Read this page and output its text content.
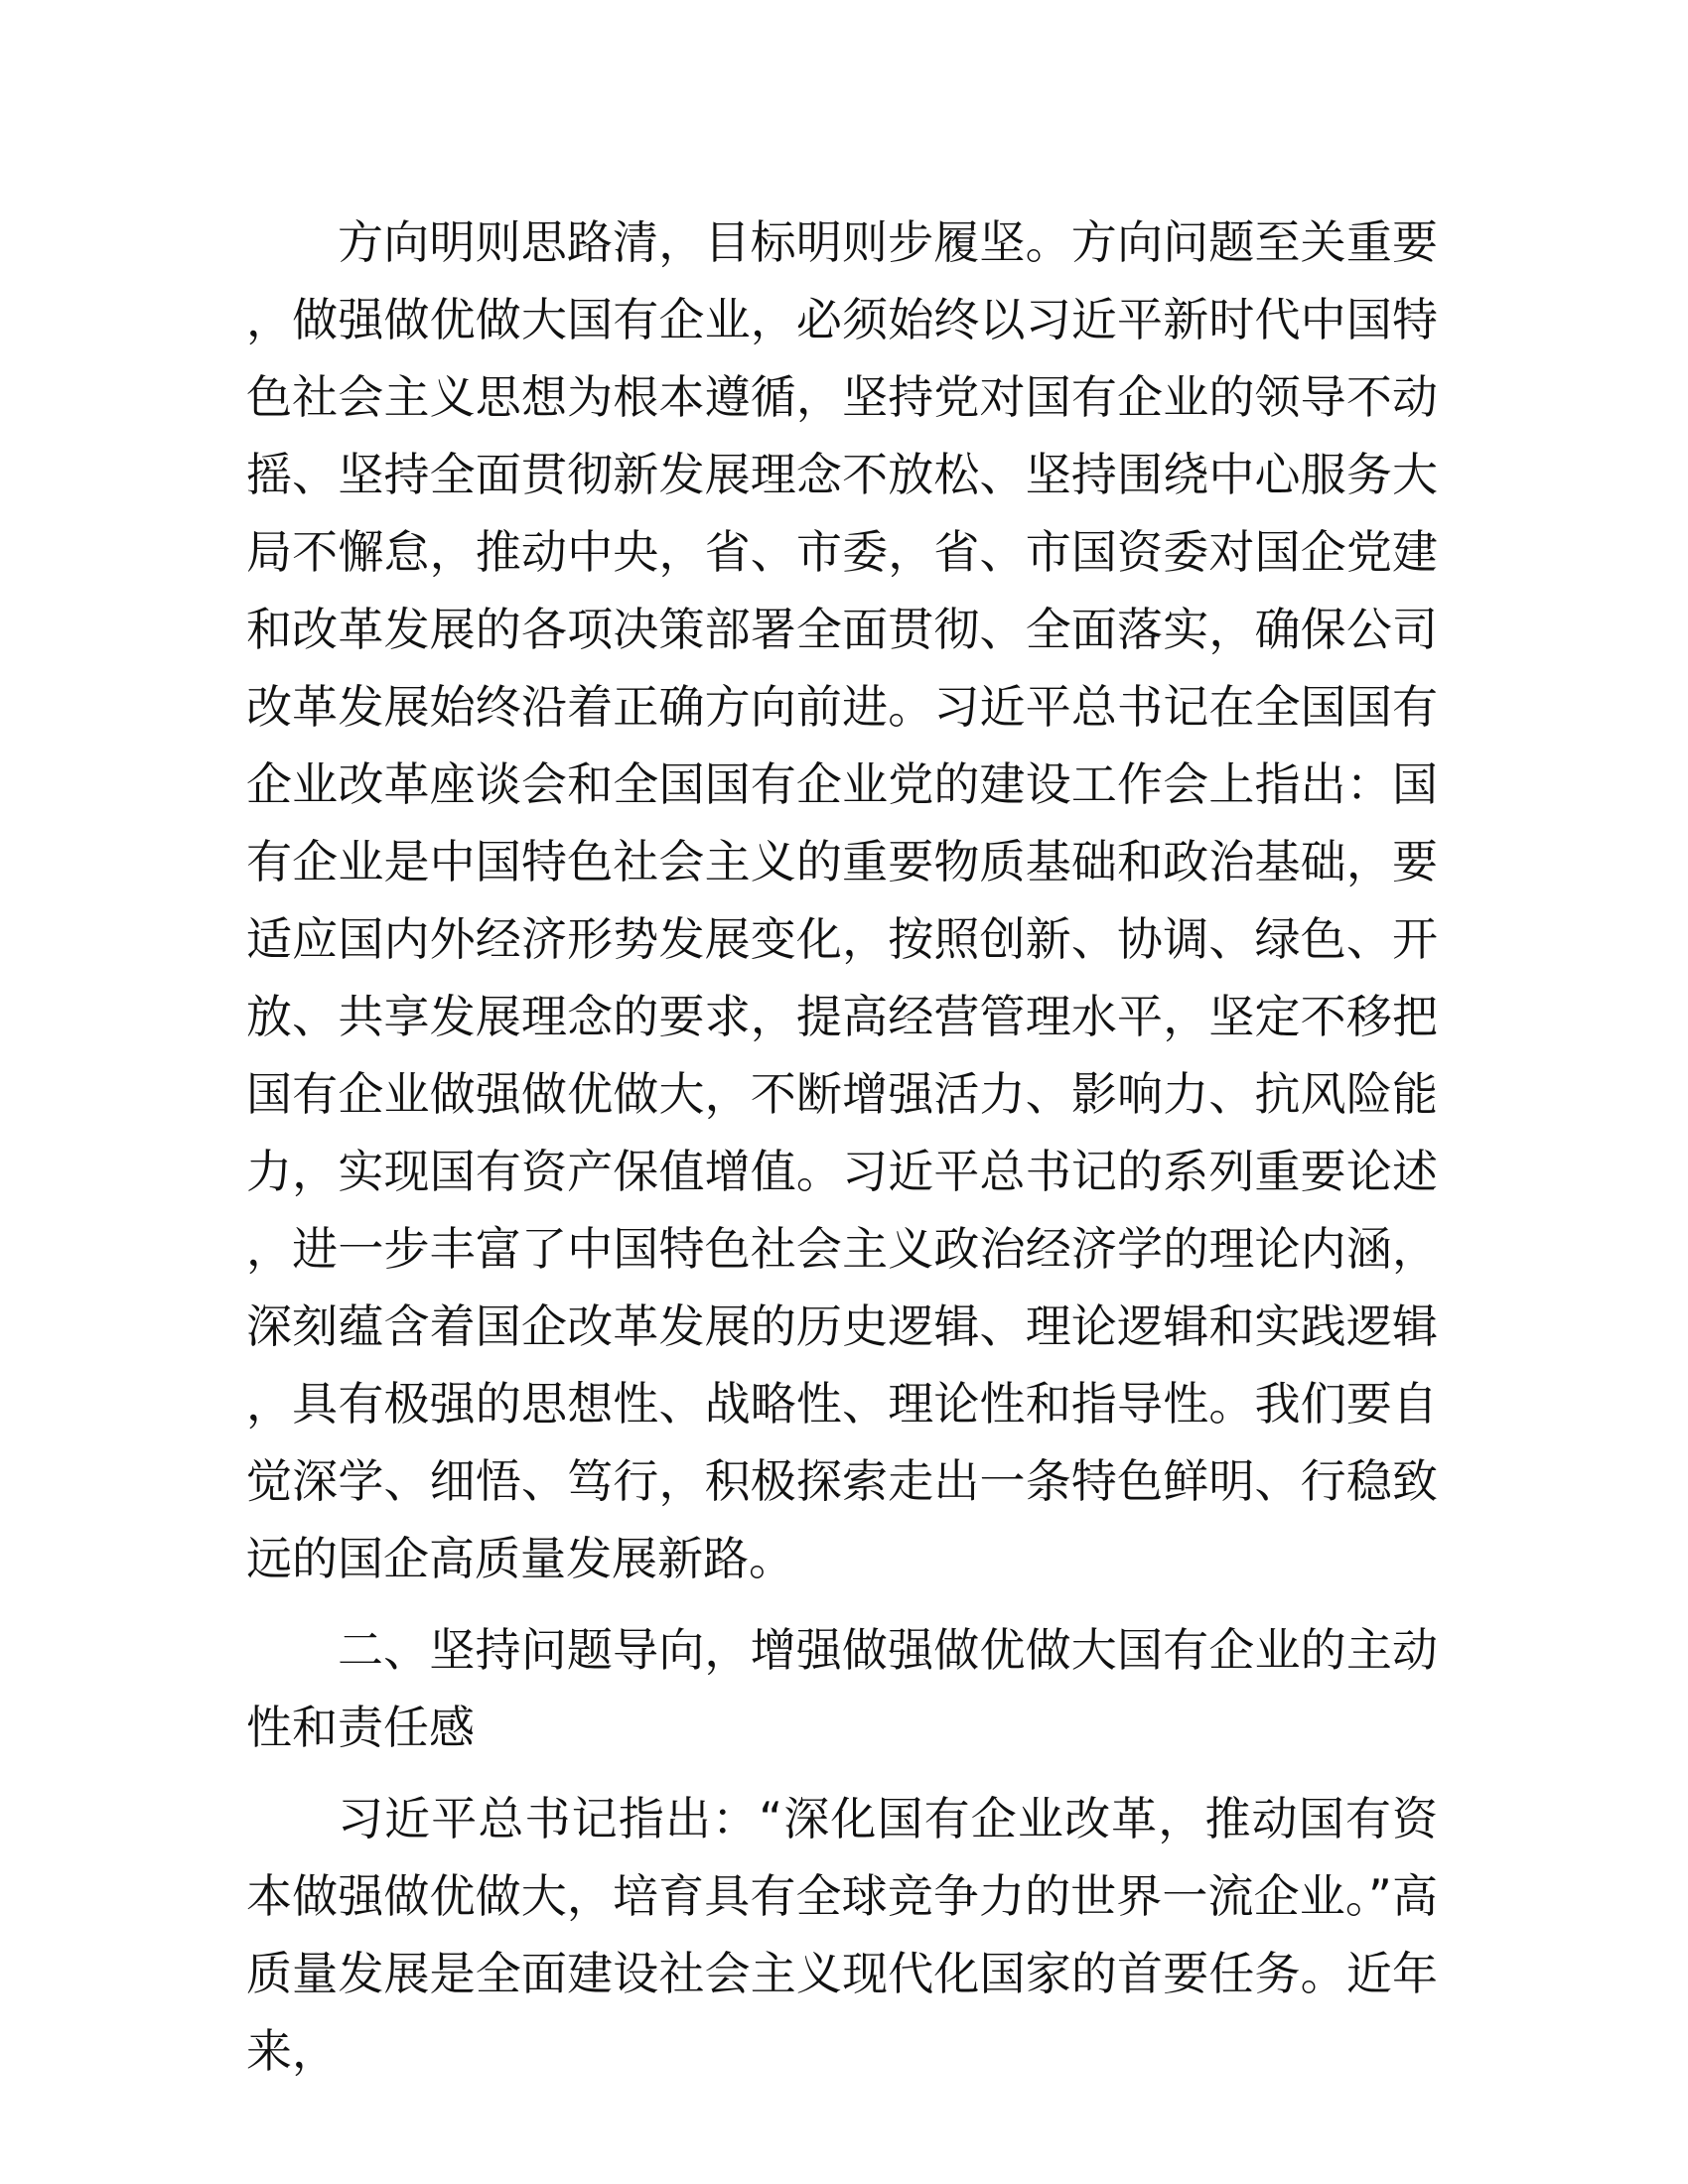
方向明则思路清，目标明则步履坚。方向问题至关重要，做强做优做大国有企业，必须始终以习近平新时代中国特色社会主义思想为根本遵循，坚持党对国有企业的领导不动摇、坚持全面贯彻新发展理念不放松、坚持围绕中心服务大局不懈怠，推动中央，省、市委，省、市国资委对国企党建和改革发展的各项决策部署全面贯彻、全面落实，确保公司改革发展始终沿着正确方向前进。习近平总书记在全国国有企业改革座谈会和全国国有企业党的建设工作会上指出：国有企业是中国特色社会主义的重要物质基础和政治基础，要适应国内外经济形势发展变化，按照创新、协调、绿色、开放、共享发展理念的要求，提高经营管理水平，坚定不移把国有企业做强做优做大，不断增强活力、影响力、抗风险能力，实现国有资产保值增值。习近平总书记的系列重要论述，进一步丰富了中国特色社会主义政治经济学的理论内涵，深刻蕴含着国企改革发展的历史逻辑、理论逻辑和实践逻辑，具有极强的思想性、战略性、理论性和指导性。我们要自觉深学、细悟、笃行，积极探索走出一条特色鲜明、行稳致远的国企高质量发展新路。

二、坚持问题导向，增强做强做优做大国有企业的主动性和责任感

习近平总书记指出：“深化国有企业改革，推动国有资本做强做优做大，培育具有全球竞争力的世界一流企业。”高质量发展是全面建设社会主义现代化国家的首要任务。近年来，
